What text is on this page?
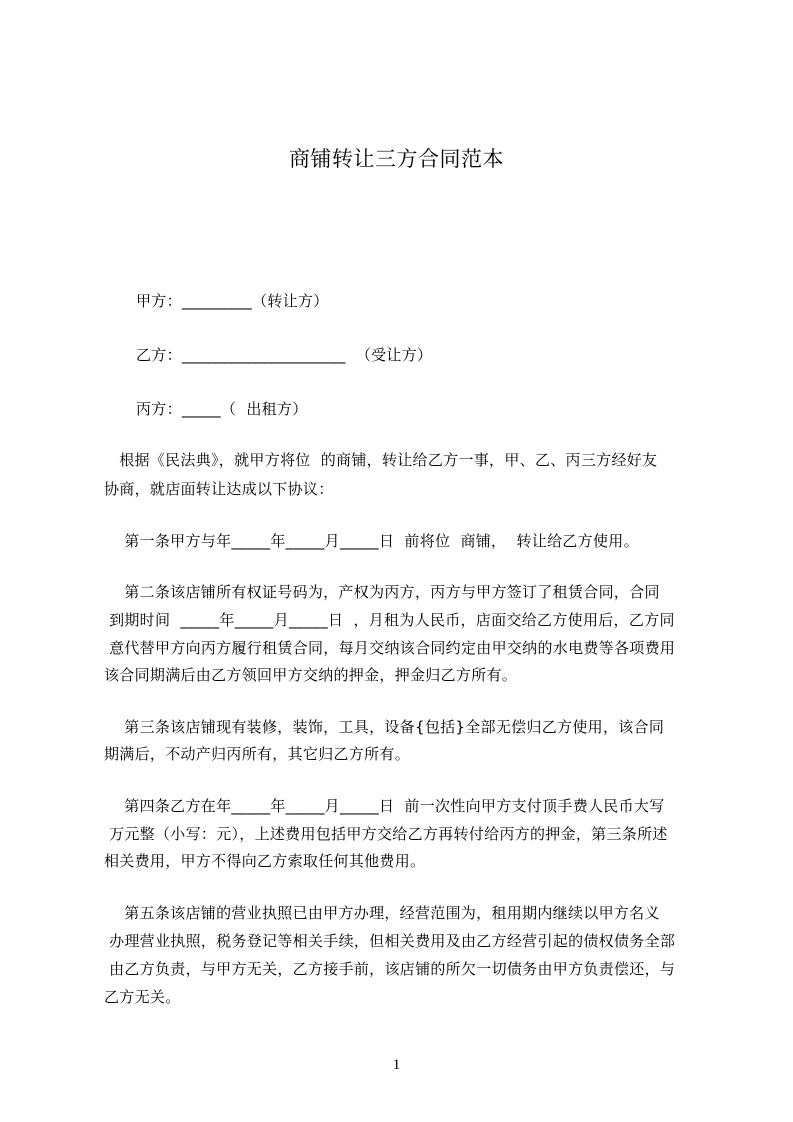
商铺转让三方合同范本
甲方：_________（转让方）
乙方：_____________________  （受让方）
丙方：_____（  出租方）
根据《民法典》，就甲方将位  的商铺，转让给乙方一事，甲、乙、丙三方经好友
协商，就店面转让达成以下协议：
第一条甲方与年_____年_____月_____日  前将位  商铺，  转让给乙方使用。
第二条该店铺所有权证号码为，产权为丙方，丙方与甲方签订了租赁合同，合同
到期时间  _____年_____月_____日  ，月租为人民币，店面交给乙方使用后，乙方同
意代替甲方向丙方履行租赁合同，每月交纳该合同约定由甲交纳的水电费等各项费用
该合同期满后由乙方领回甲方交纳的押金，押金归乙方所有。
第三条该店铺现有装修，装饰，工具，设备{包括}全部无偿归乙方使用，该合同
期满后，不动产归丙所有，其它归乙方所有。
第四条乙方在年_____年_____月_____日  前一次性向甲方支付顶手费人民币大写
万元整（小写：元），上述费用包括甲方交给乙方再转付给丙方的押金，第三条所述
相关费用，甲方不得向乙方索取任何其他费用。
第五条该店铺的营业执照已由甲方办理，经营范围为，租用期内继续以甲方名义
办理营业执照，税务登记等相关手续，但相关费用及由乙方经营引起的债权债务全部
由乙方负责，与甲方无关，乙方接手前，该店铺的所欠一切债务由甲方负责偿还，与
乙方无关。
1
